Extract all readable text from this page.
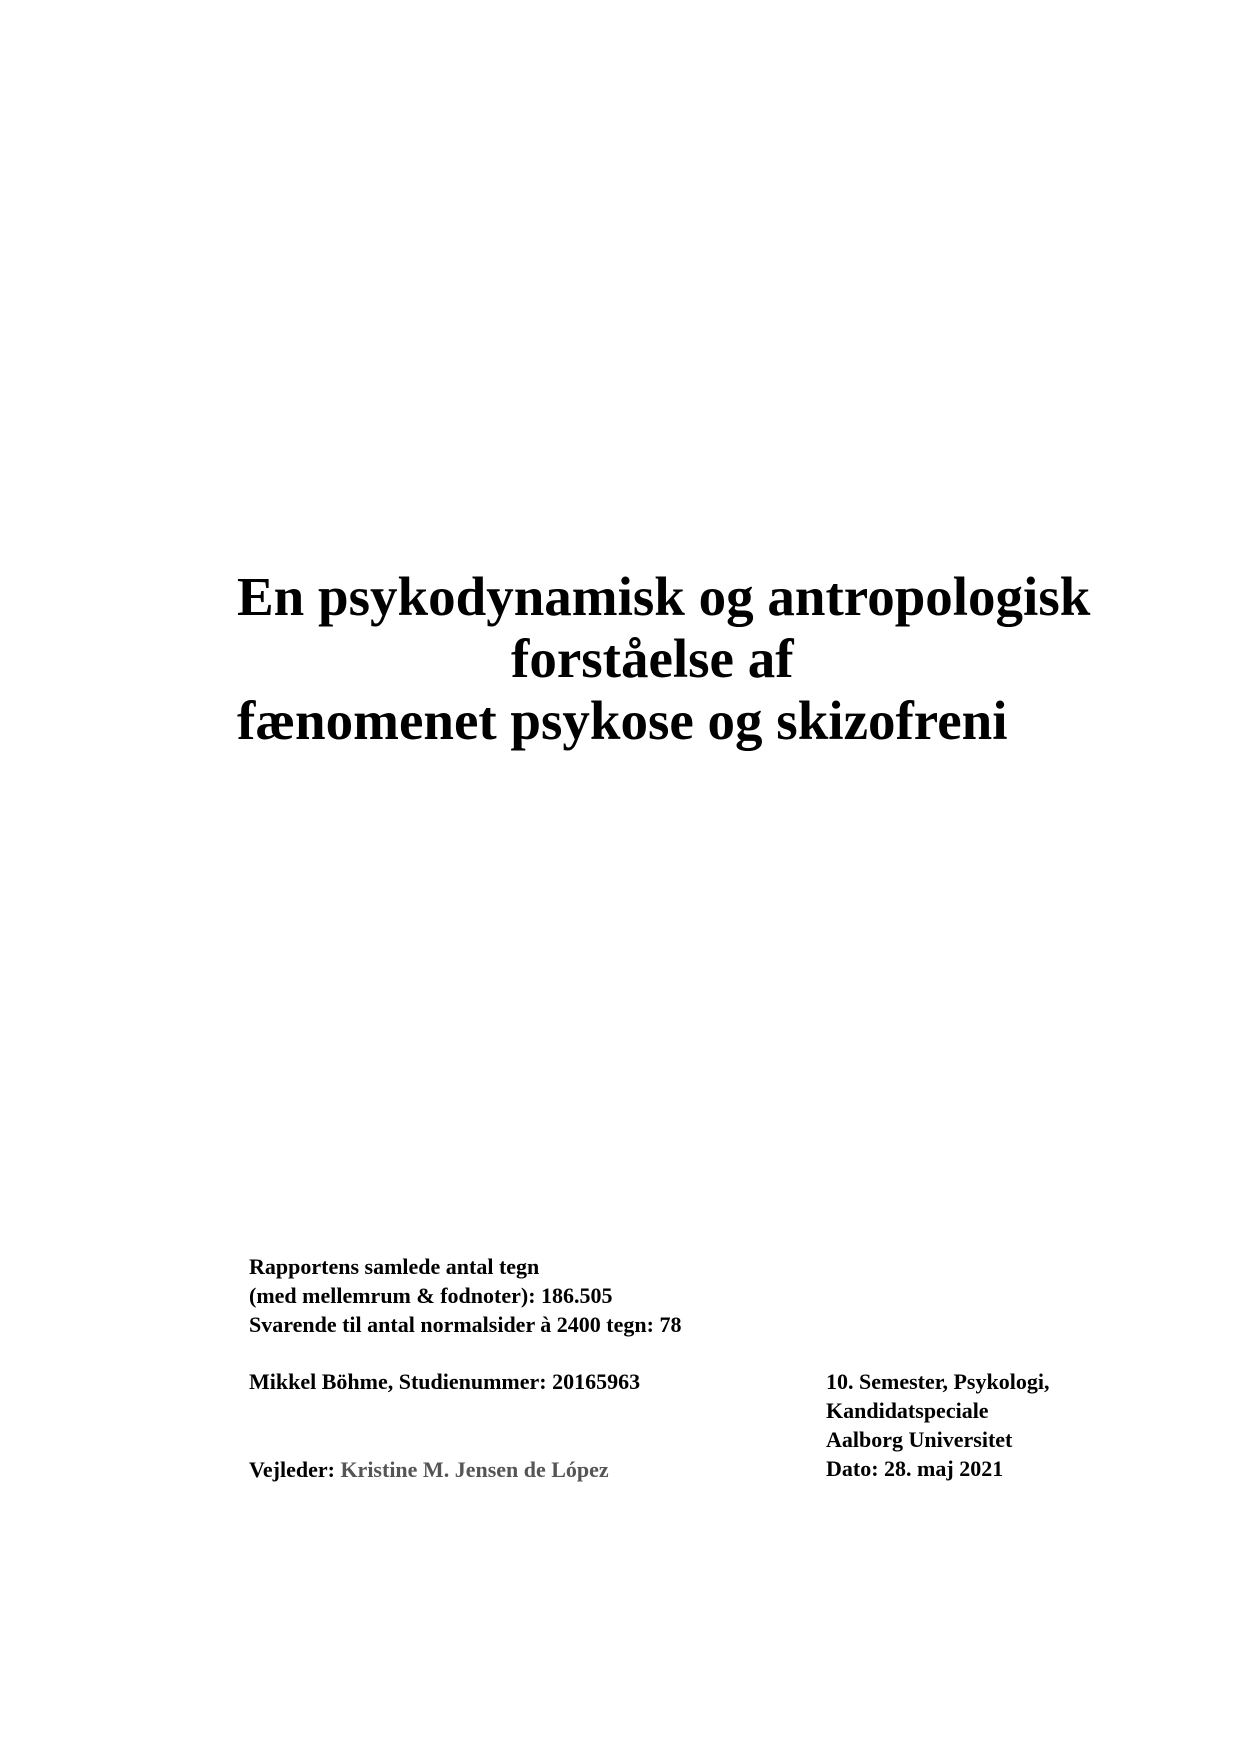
En psykodynamisk og antropologisk
forståelse af
fænomenet psykose og skizofreni
Rapportens samlede antal tegn
(med mellemrum & fodnoter): 186.505
Svarende til antal normalsider à 2400 tegn: 78
Mikkel Böhme, Studienummer: 20165963
Vejleder: Kristine M. Jensen de López
10. Semester, Psykologi,
Kandidatspeciale
Aalborg Universitet
Dato: 28. maj 2021
